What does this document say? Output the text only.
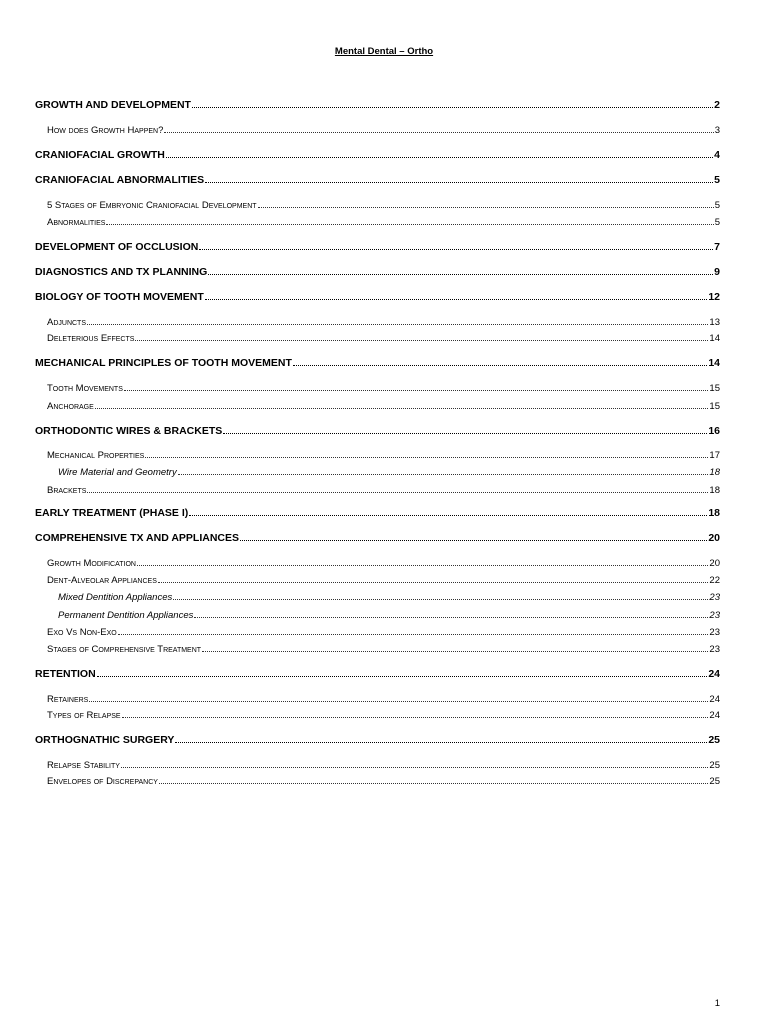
Mental Dental – Ortho
GROWTH AND DEVELOPMENT	2
How does Growth Happen?	3
CRANIOFACIAL GROWTH	4
CRANIOFACIAL ABNORMALITIES	5
5 Stages of Embryonic Craniofacial Development	5
Abnormalities	5
DEVELOPMENT OF OCCLUSION	7
DIAGNOSTICS AND TX PLANNING	9
BIOLOGY OF TOOTH MOVEMENT	12
Adjuncts	13
Deleterious Effects	14
MECHANICAL PRINCIPLES OF TOOTH MOVEMENT	14
Tooth Movements	15
Anchorage	15
ORTHODONTIC WIRES & BRACKETS	16
Mechanical Properties	17
Wire Material and Geometry	18
Brackets	18
EARLY TREATMENT (PHASE I)	18
COMPREHENSIVE TX AND APPLIANCES	20
Growth Modification	20
Dent-Alveolar Appliances	22
Mixed Dentition Appliances	23
Permanent Dentition Appliances	23
Exo Vs Non-Exo	23
Stages of Comprehensive Treatment	23
RETENTION	24
Retainers	24
Types of Relapse	24
ORTHOGNATHIC SURGERY	25
Relapse Stability	25
Envelopes of Discrepancy	25
1
